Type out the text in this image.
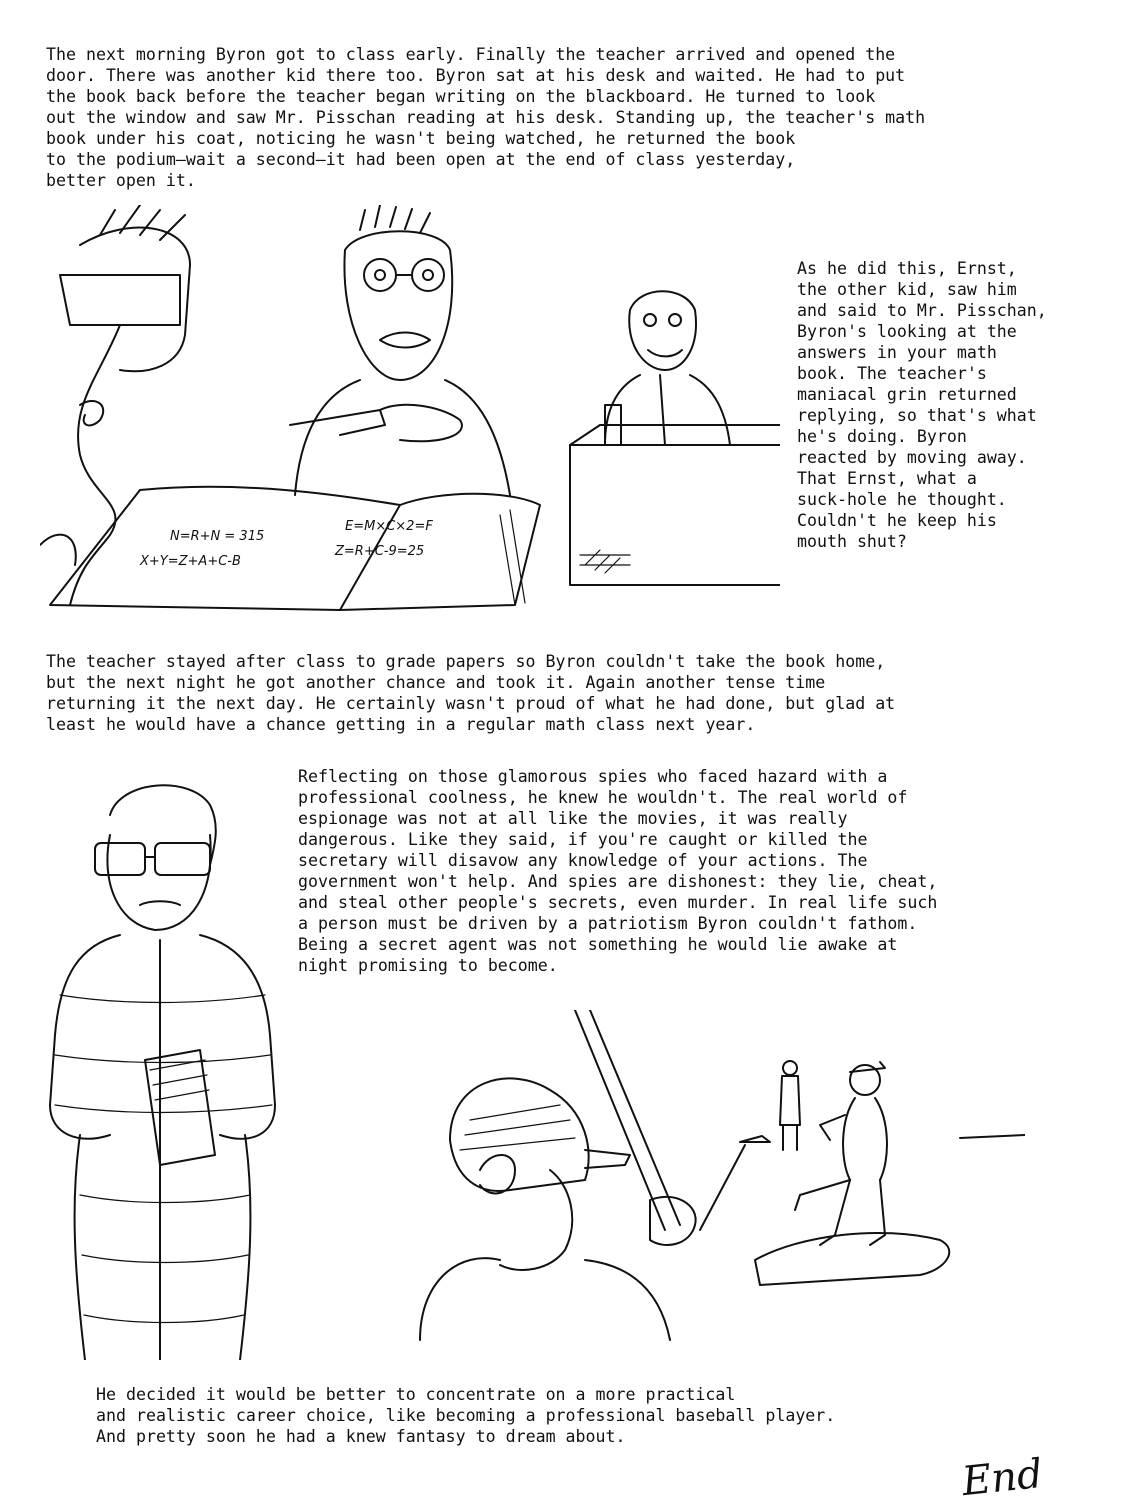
The next morning Byron got to class early. Finally the teacher arrived and opened the
door. There was another kid there too. Byron sat at his desk and waited. He had to put
the book back before the teacher began writing on the blackboard. He turned to look
out the window and saw Mr. Pisschan reading at his desk. Standing up, the teacher's math
book under his coat, noticing he wasn't being watched, he returned the book
to the podium—wait a second—it had been open at the end of class yesterday,
better open it.

As he did this, Ernst,
the other kid, saw him
and said to Mr. Pisschan,
Byron's looking at the
answers in your math
book. The teacher's
maniacal grin returned
replying, so that's what
he's doing. Byron
reacted by moving away.
That Ernst, what a
suck-hole he thought.
Couldn't he keep his
mouth shut?

The teacher stayed after class to grade papers so Byron couldn't take the book home,
but the next night he got another chance and took it. Again another tense time
returning it the next day. He certainly wasn't proud of what he had done, but glad at
least he would have a chance getting in a regular math class next year.

Reflecting on those glamorous spies who faced hazard with a
professional coolness, he knew he wouldn't. The real world of
espionage was not at all like the movies, it was really
dangerous. Like they said, if you're caught or killed the
secretary will disavow any knowledge of your actions. The
government won't help. And spies are dishonest: they lie, cheat,
and steal other people's secrets, even murder. In real life such
a person must be driven by a patriotism Byron couldn't fathom.
Being a secret agent was not something he would lie awake at
night promising to become.

He decided it would be better to concentrate on a more practical
and realistic career choice, like becoming a professional baseball player.
And pretty soon he had a knew fantasy to dream about.

End
N=R+N = 315
X+Y=Z+A+C-B
E=M×C×2=F
Z=R+C-9=25
